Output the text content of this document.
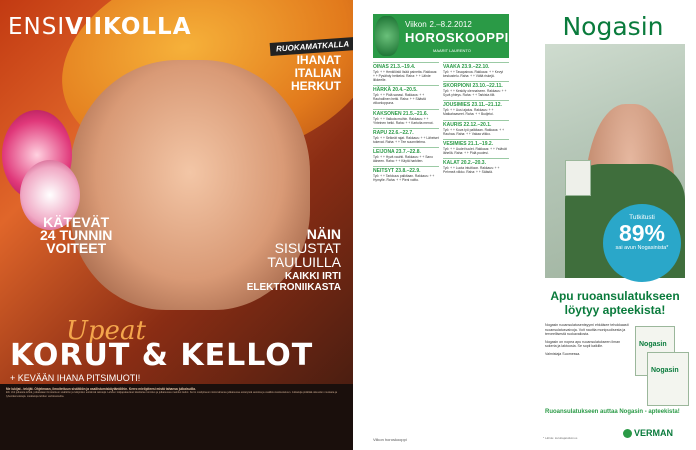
ENSIVIIKOLLA
RUOKAMATKALLA
IHANAT
ITALIAN
HERKUT
KÄTEVÄT
24 TUNNIN
VOITEET
NÄIN
SISUSTAT
TAULUILLA
KAIKKI IRTI
ELEKTRONIIKASTA
Upeat
KORUT & KELLOT
+ KEVÄÄN IHANA PITSIMUOTI!
Me lukijat - tekijät. Ohjelmaan, ilmoitettuun sisältöön ja osallistumiskäytäntöihin. Kerro mielipiteesi mistä tahansa julkaisuilla.
Elli. Voit julkaista lehtiä, julkaistaan ilmoitettuun sisältöön ja lukijoiden esittämiä tekstejä. Lehden lukijapalautteet käsittelee toimitus ja julkaisussa mainitut tiedot. Kerro mielipiteesi mistä tahansa julkaisussa esitetyistä asioista ja osallistu keskusteluun. Julkaisija pidättää oikeuden muokata ja lyhentää tekstejä. Lisätietoja lehden verkkosivuilta.
Viikon 2.–8.2.2012
HOROSKOOPPI
MAARIT LAURENTO
OINAS 21.3.–19.4.

Työ: + + Henkilöstö lisää painetta. Rakkaus: + + Pysähdy hetkeksi. Raha: + + Lähde liikkeelle.

HÄRKÄ 20.4.–20.5.

Työ: + + Pidä sanasi. Rakkaus: + + Rauhallinen hetki. Raha: + + Säästä viikonloppuna.

KAKSONEN 21.5.–21.6.

Työ: + + Vaikuta muihin. Rakkaus: + + Yhteinen hetki. Raha: + + Kartoita menot.

RAPU 22.6.–22.7.

Työ: + + Selkeät rajat. Rakkaus: + + Läheiset tukevat. Raha: + + Tee suunnitelma.

LEIJONA 23.7.–22.8.

Työ: + + Hyvä vauhti. Rakkaus: + + Sano ääneen. Raha: + + Käytä harkiten.

NEITSYT 23.8.–22.9.

Työ: + + Tarkkuus palkitaan. Rakkaus: + + Hymyile. Raha: + + Pieni voitto.

VAAKA 23.9.–22.10.

Työ: + + Tasapainoa. Rakkaus: + + Kevyt keskustelu. Raha: + + Vältä riskejä.

SKORPIONI 23.10.–22.11.

Työ: + + Keskity olennaiseen. Rakkaus: + + Syvä yhteys. Raha: + + Tarkista tilit.

JOUSIMIES 23.11.–21.12.

Työ: + + Uusi ajatus. Rakkaus: + + Matkahaaveet. Raha: + + Budjetoi.

KAURIS 22.12.–20.1.

Työ: + + Kova työ palkitaan. Rakkaus: + + Rauhaa. Raha: + + Vakaa viikko.

VESIMIES 21.1.–19.2.

Työ: + + Uudet tuulet. Rakkaus: + + Ystävät lähellä. Raha: + + Pidä puolesi.

KALAT 20.2.–20.3.

Työ: + + Luota intuitioon. Rakkaus: + + Pehmeä viikko. Raha: + + Säästä.

Viikon horoskooppi
Nogasin
Tutkitusti
89%
sai avun Nogasinista*
Apu ruoansulatukseen löytyy apteekista!

Nogasin ruoansulatusentsyymi ehkäisee tehokkaasti ruoansulatusvaivoja. Voit nauttia monipuolisesta ja terveellisestä ruokavaliosta.

Nogasin on nopea apu ruoansulatukseen ilman sokeria ja laktoosia. Se sopii kaikille.

Valmistaja Suomessa.

Nogasin
Nogasin
Ruoansulatukseen auttaa Nogasin - apteekista!
* Lähde: kuluttajatutkimus	VERMAN
